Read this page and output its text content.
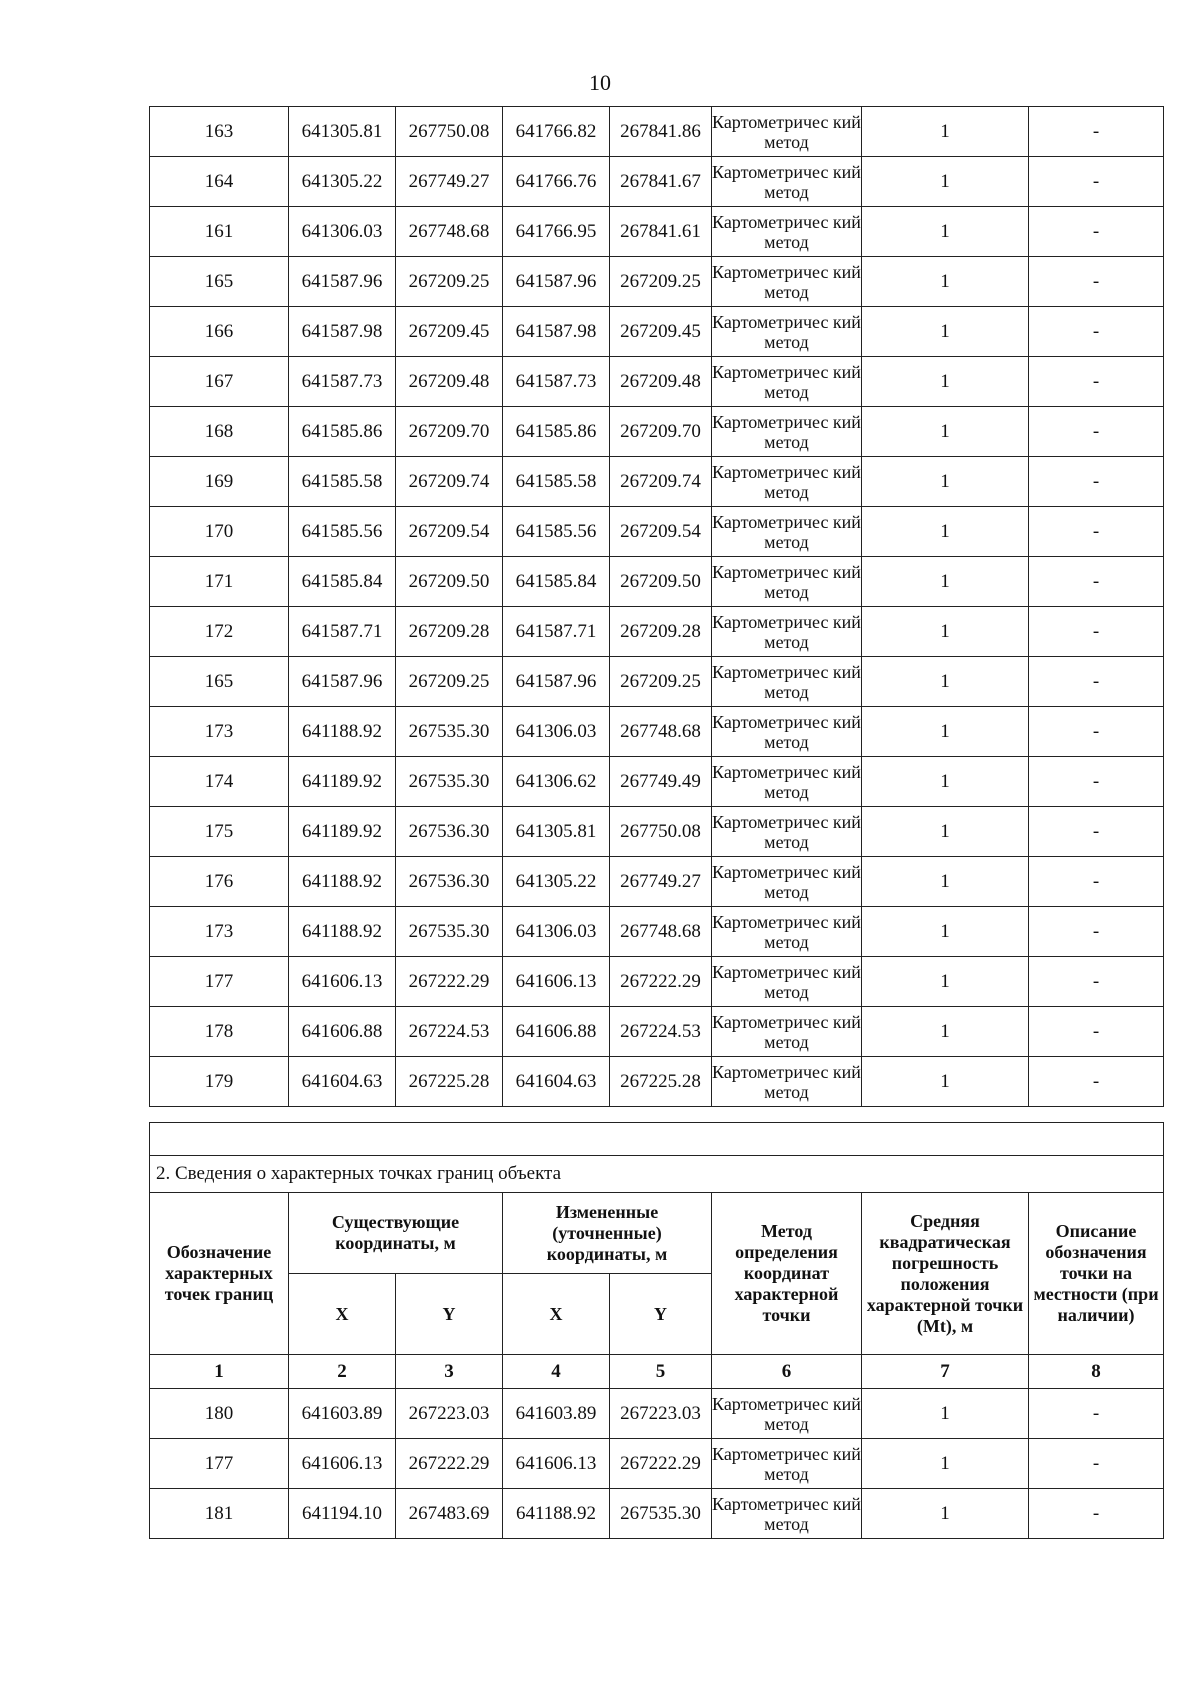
10
163	641305.81	267750.08	641766.82	267841.86	Картометричес кий метод	1	-
164	641305.22	267749.27	641766.76	267841.67	Картометричес кий метод	1	-
161	641306.03	267748.68	641766.95	267841.61	Картометричес кий метод	1	-
165	641587.96	267209.25	641587.96	267209.25	Картометричес кий метод	1	-
166	641587.98	267209.45	641587.98	267209.45	Картометричес кий метод	1	-
167	641587.73	267209.48	641587.73	267209.48	Картометричес кий метод	1	-
168	641585.86	267209.70	641585.86	267209.70	Картометричес кий метод	1	-
169	641585.58	267209.74	641585.58	267209.74	Картометричес кий метод	1	-
170	641585.56	267209.54	641585.56	267209.54	Картометричес кий метод	1	-
171	641585.84	267209.50	641585.84	267209.50	Картометричес кий метод	1	-
172	641587.71	267209.28	641587.71	267209.28	Картометричес кий метод	1	-
165	641587.96	267209.25	641587.96	267209.25	Картометричес кий метод	1	-
173	641188.92	267535.30	641306.03	267748.68	Картометричес кий метод	1	-
174	641189.92	267535.30	641306.62	267749.49	Картометричес кий метод	1	-
175	641189.92	267536.30	641305.81	267750.08	Картометричес кий метод	1	-
176	641188.92	267536.30	641305.22	267749.27	Картометричес кий метод	1	-
173	641188.92	267535.30	641306.03	267748.68	Картометричес кий метод	1	-
177	641606.13	267222.29	641606.13	267222.29	Картометричес кий метод	1	-
178	641606.88	267224.53	641606.88	267224.53	Картометричес кий метод	1	-
179	641604.63	267225.28	641604.63	267225.28	Картометричес кий метод	1	-

2. Сведения о характерных точках границ объекта							
Обозначение характерных точек границ	Существующие координаты, м		Измененные (уточненные) координаты, м		Метод определения координат характерной точки	Средняя квадратическая погрешность положения характерной точки (Mt), м	Описание обозначения точки на местности (при наличии)
	X	Y	X	Y			
1	2	3	4	5	6	7	8
180	641603.89	267223.03	641603.89	267223.03	Картометричес кий метод	1	-
177	641606.13	267222.29	641606.13	267222.29	Картометричес кий метод	1	-
181	641194.10	267483.69	641188.92	267535.30	Картометричес кий метод	1	-
